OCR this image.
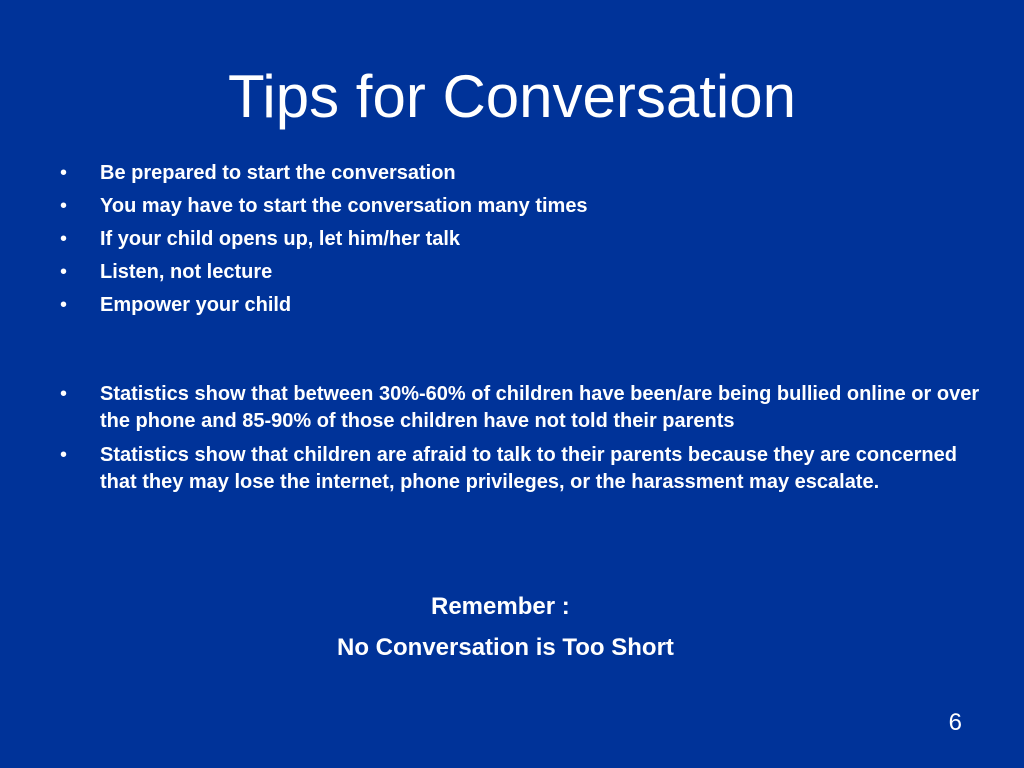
Tips for Conversation
• Be prepared to start the conversation
• You may have to start the conversation many times
• If your child opens up, let him/her talk
• Listen, not lecture
• Empower your child
• Statistics show that between 30%-60% of children have been/are being bullied online or over the phone and 85-90% of those children have not told their parents
• Statistics show that children are afraid to talk to their parents because they are concerned that they may lose the internet, phone privileges, or the harassment may escalate.
Remember :
No Conversation is Too Short
6
